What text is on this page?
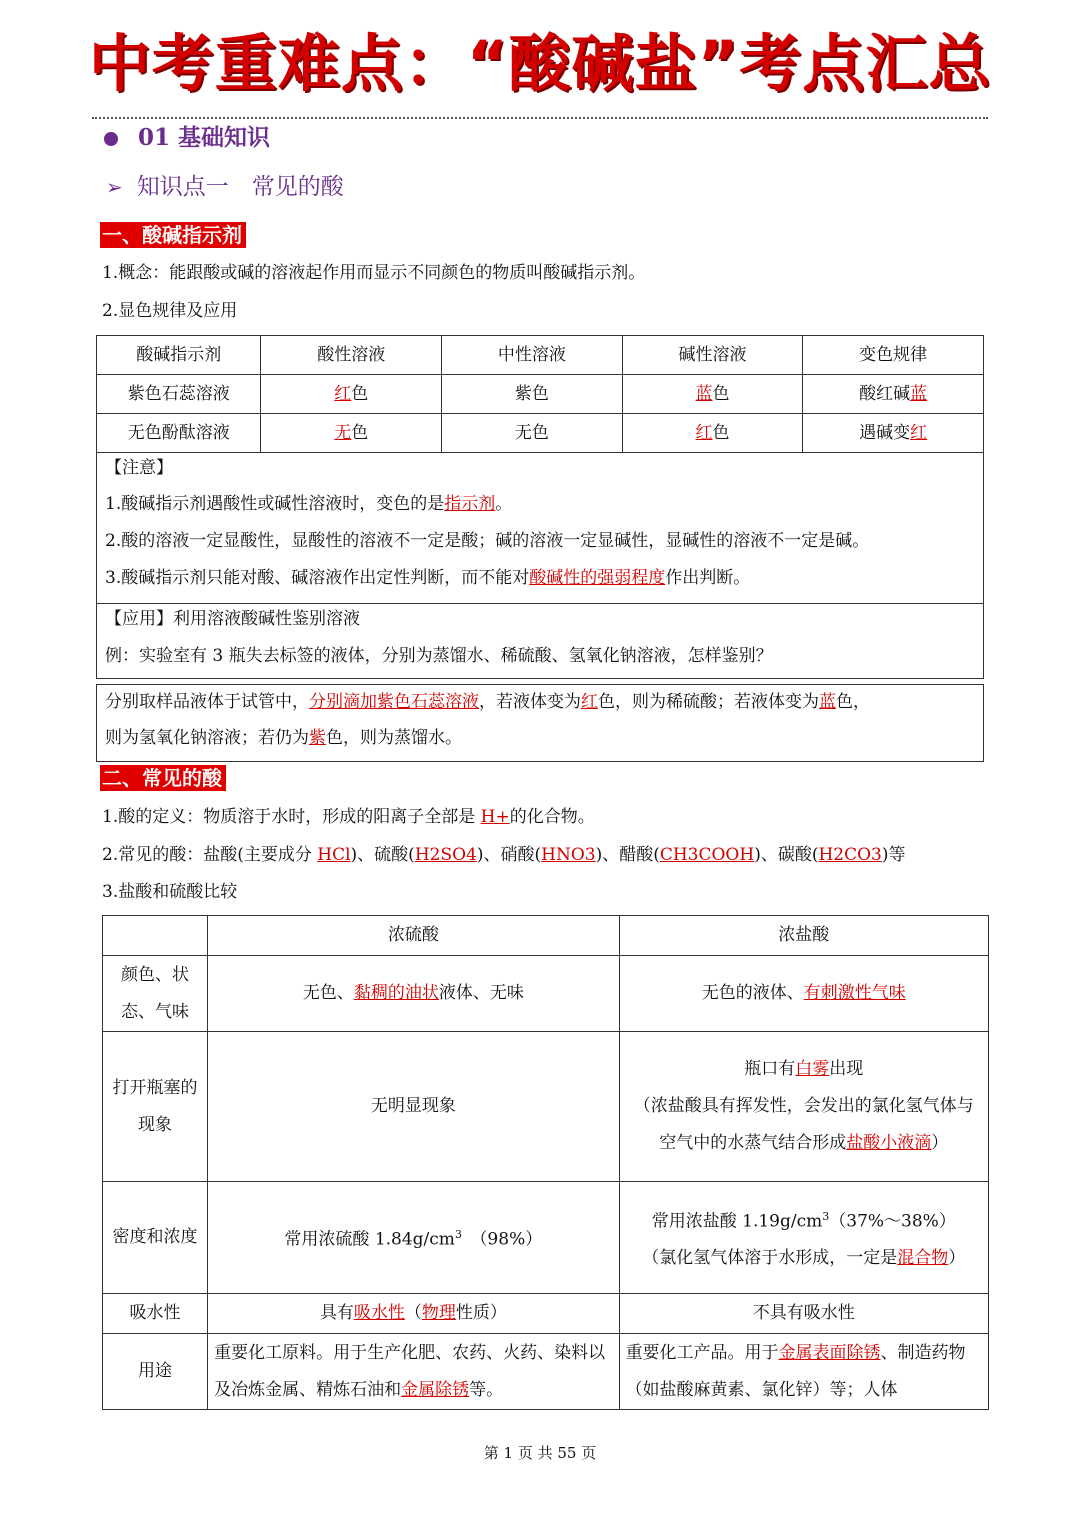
中考重难点：“酸碱盐”考点汇总
01 基础知识
➢ 知识点一　常见的酸
一、酸碱指示剂
1.概念：能跟酸或碱的溶液起作用而显示不同颜色的物质叫酸碱指示剂。
2.显色规律及应用
酸碱指示剂	酸性溶液	中性溶液	碱性溶液	变色规律
紫色石蕊溶液	红色	紫色	蓝色	酸红碱蓝
无色酚酞溶液	无色	无色	红色	遇碱变红
【注意】
1.酸碱指示剂遇酸性或碱性溶液时，变色的是指示剂。
2.酸的溶液一定显酸性，显酸性的溶液不一定是酸；碱的溶液一定显碱性，显碱性的溶液不一定是碱。
3.酸碱指示剂只能对酸、碱溶液作出定性判断，而不能对酸碱性的强弱程度作出判断。
【应用】利用溶液酸碱性鉴别溶液
例：实验室有 3 瓶失去标签的液体，分别为蒸馏水、稀硫酸、氢氧化钠溶液，怎样鉴别？
分别取样品液体于试管中，分别滴加紫色石蕊溶液，若液体变为红色，则为稀硫酸；若液体变为蓝色，
则为氢氧化钠溶液；若仍为紫色，则为蒸馏水。
二、常见的酸
1.酸的定义：物质溶于水时，形成的阳离子全部是 H+的化合物。
2.常见的酸：盐酸(主要成分 HCl)、硫酸(H2SO4)、硝酸(HNO3)、醋酸(CH3COOH)、碳酸(H2CO3)等
3.盐酸和硫酸比较
	浓硫酸	浓盐酸
颜色、状态、气味	无色、黏稠的油状液体、无味	无色的液体、有刺激性气味
打开瓶塞的现象	无明显现象	瓶口有白雾出现
（浓盐酸具有挥发性，会发出的氯化氢气体与空气中的水蒸气结合形成盐酸小液滴）
密度和浓度	常用浓硫酸 $1.84g/cm^3$　 （98%）	常用浓盐酸 $1.19g/cm^3(37\%\sim 38\%)$
（氯化氢气体溶于水形成，一定是混合物）
吸水性	具有吸水性（物理性质）	不具有吸水性
用途	重要化工原料。用于生产化肥、农药、火药、染料以及冶炼金属、精炼石油和金属除锈等。	重要化工产品。用于金属表面除锈、制造药物（如盐酸麻黄素、氯化锌）等；人体
第 1 页 共 55 页
